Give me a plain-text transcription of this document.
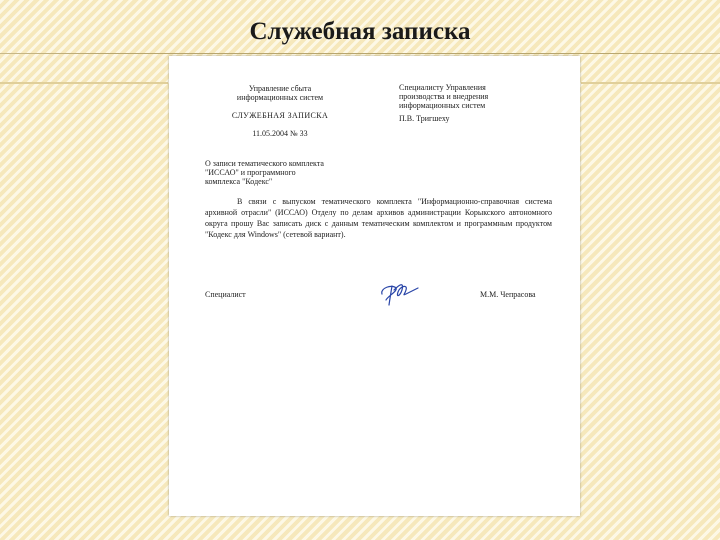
Служебная записка
Управление сбыта
информационных систем
СЛУЖЕБНАЯ ЗАПИСКА
11.05.2004 № 33
Специалисту Управления
производства и внедрения
информационных систем
П.В. Тригшеху
О записи тематического комплекта
"ИССАО" и программного
комплекса "Кодекс"
В связи с выпуском тематического комплекта "Информационно-справочная система архивной отрасли" (ИССАО) Отделу по делам архивов администрации Корыкского автономного округа прошу Вас записать диск с данным тематическим комплектом и программным продуктом "Кодекс для Windows" (сетевой вариант).
Специалист	М.М. Чепрасова
